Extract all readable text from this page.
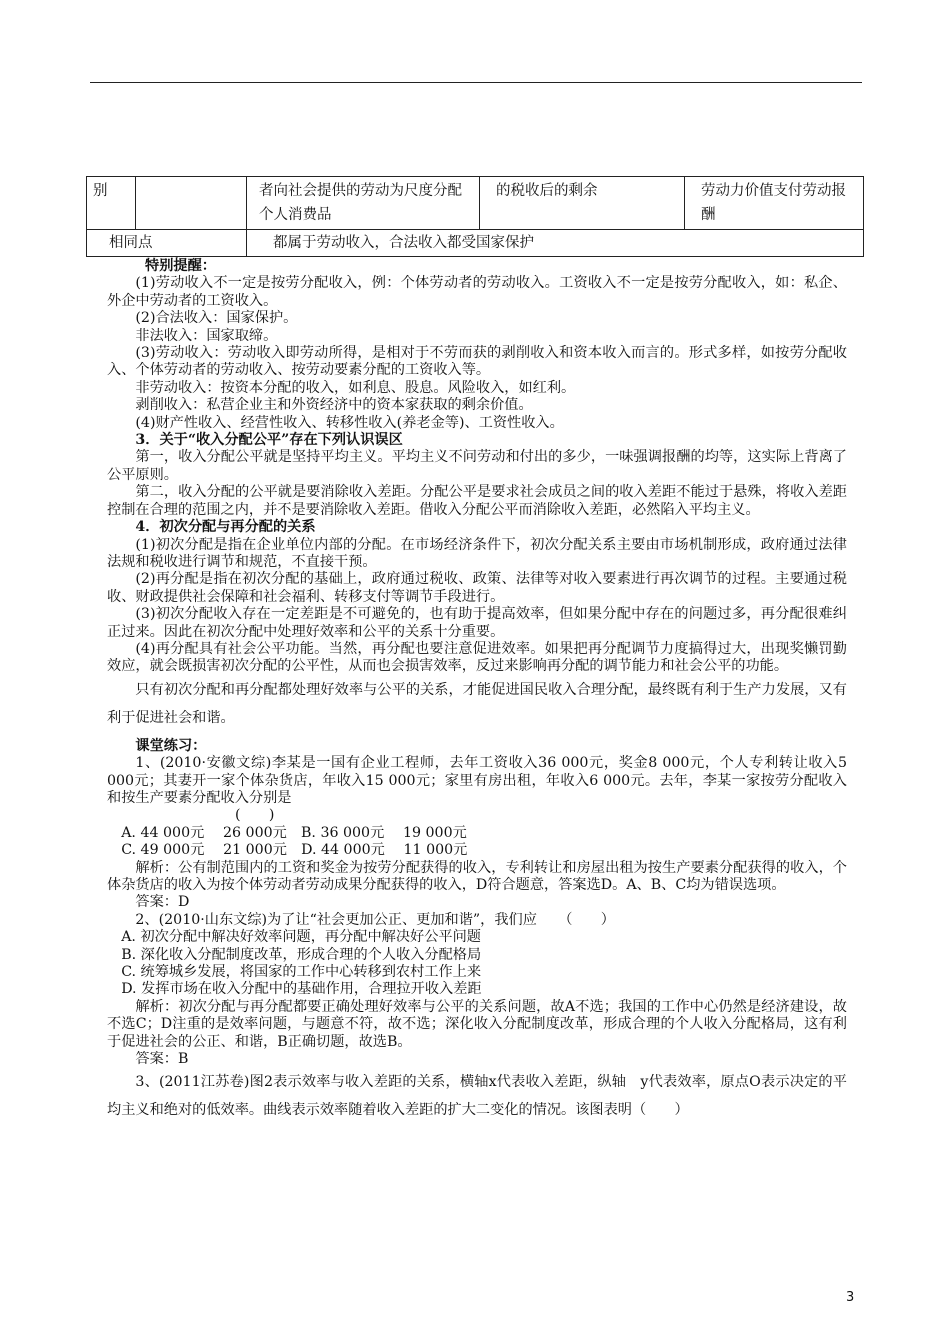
别		者向社会提供的劳动为尺度分配个人消费品	的税收后的剩余	劳动力价值支付劳动报酬
相同点		都属于劳动收入，合法收入都受国家保护		

特别提醒：

(1)劳动收入不一定是按劳分配收入，例：个体劳动者的劳动收入。工资收入不一定是按劳分配收入，如：私企、外企中劳动者的工资收入。

(2)合法收入：国家保护。

非法收入：国家取缔。

(3)劳动收入：劳动收入即劳动所得，是相对于不劳而获的剥削收入和资本收入而言的。形式多样，如按劳分配收入、个体劳动者的劳动收入、按劳动要素分配的工资收入等。

非劳动收入：按资本分配的收入，如利息、股息。风险收入，如红利。

剥削收入：私营企业主和外资经济中的资本家获取的剩余价值。

(4)财产性收入、经营性收入、转移性收入(养老金等)、工资性收入。

3．关于“收入分配公平”存在下列认识误区

第一，收入分配公平就是坚持平均主义。平均主义不问劳动和付出的多少，一味强调报酬的均等，这实际上背离了公平原则。

第二，收入分配的公平就是要消除收入差距。分配公平是要求社会成员之间的收入差距不能过于悬殊，将收入差距控制在合理的范围之内，并不是要消除收入差距。借收入分配公平而消除收入差距，必然陷入平均主义。

4．初次分配与再分配的关系

(1)初次分配是指在企业单位内部的分配。在市场经济条件下，初次分配关系主要由市场机制形成，政府通过法律法规和税收进行调节和规范，不直接干预。

(2)再分配是指在初次分配的基础上，政府通过税收、政策、法律等对收入要素进行再次调节的过程。主要通过税收、财政提供社会保障和社会福利、转移支付等调节手段进行。

(3)初次分配收入存在一定差距是不可避免的，也有助于提高效率，但如果分配中存在的问题过多，再分配很难纠正过来。因此在初次分配中处理好效率和公平的关系十分重要。

(4)再分配具有社会公平功能。当然，再分配也要注意促进效率。如果把再分配调节力度搞得过大，出现奖懒罚勤效应，就会既损害初次分配的公平性，从而也会损害效率，反过来影响再分配的调节能力和社会公平的功能。

只有初次分配和再分配都处理好效率与公平的关系，才能促进国民收入合理分配，最终既有利于生产力发展，又有利于促进社会和谐。

课堂练习：

1、(2010·安徽文综)李某是一国有企业工程师，去年工资收入36 000元，奖金8 000元，个人专利转让收入5 000元；其妻开一家个体杂货店，年收入15 000元；家里有房出租，年收入6 000元。去年，李某一家按劳分配收入和按生产要素分配收入分别是

(　　)

A. 44 000元　 26 000元　B. 36 000元　 19 000元

C. 49 000元　 21 000元　D. 44 000元　 11 000元

解析：公有制范围内的工资和奖金为按劳分配获得的收入，专利转让和房屋出租为按生产要素分配获得的收入，个体杂货店的收入为按个体劳动者劳动成果分配获得的收入，D符合题意，答案选D。A、B、C均为错误选项。

答案：D

2、(2010·山东文综)为了让“社会更加公正、更加和谐”，我们应　　（　　）

A. 初次分配中解决好效率问题，再分配中解决好公平问题

B. 深化收入分配制度改革，形成合理的个人收入分配格局

C. 统筹城乡发展，将国家的工作中心转移到农村工作上来

D. 发挥市场在收入分配中的基础作用，合理拉开收入差距

解析：初次分配与再分配都要正确处理好效率与公平的关系问题，故A不选；我国的工作中心仍然是经济建设，故不选C；D注重的是效率问题，与题意不符，故不选；深化收入分配制度改革，形成合理的个人收入分配格局，这有利于促进社会的公正、和谐，B正确切题，故选B。

答案：B

3、(2011江苏卷)图2表示效率与收入差距的关系，横轴x代表收入差距，纵轴　y代表效率，原点O表示决定的平均主义和绝对的低效率。曲线表示效率随着收入差距的扩大二变化的情况。该图表明（　　）

3
